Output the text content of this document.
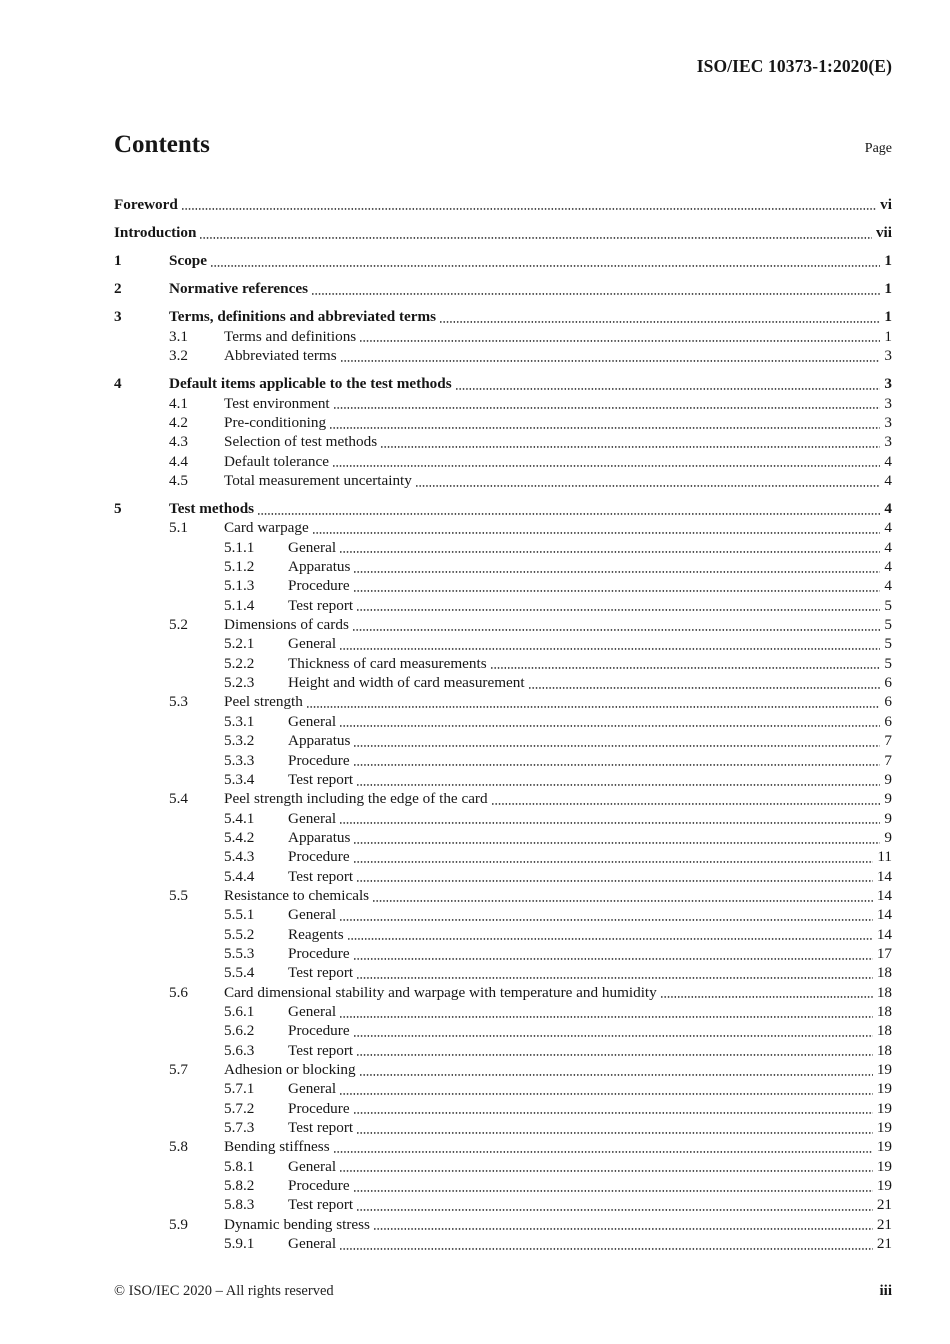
ISO/IEC 10373-1:2020(E)
Contents	Page
Foreword	vi
Introduction	vii
1	Scope	1
2	Normative references	1
3	Terms, definitions and abbreviated terms	1
3.1	Terms and definitions	1
3.2	Abbreviated terms	3
4	Default items applicable to the test methods	3
4.1	Test environment	3
4.2	Pre-conditioning	3
4.3	Selection of test methods	3
4.4	Default tolerance	4
4.5	Total measurement uncertainty	4
5	Test methods	4
5.1	Card warpage	4
5.1.1	General	4
5.1.2	Apparatus	4
5.1.3	Procedure	4
5.1.4	Test report	5
5.2	Dimensions of cards	5
5.2.1	General	5
5.2.2	Thickness of card measurements	5
5.2.3	Height and width of card measurement	6
5.3	Peel strength	6
5.3.1	General	6
5.3.2	Apparatus	7
5.3.3	Procedure	7
5.3.4	Test report	9
5.4	Peel strength including the edge of the card	9
5.4.1	General	9
5.4.2	Apparatus	9
5.4.3	Procedure	11
5.4.4	Test report	14
5.5	Resistance to chemicals	14
5.5.1	General	14
5.5.2	Reagents	14
5.5.3	Procedure	17
5.5.4	Test report	18
5.6	Card dimensional stability and warpage with temperature and humidity	18
5.6.1	General	18
5.6.2	Procedure	18
5.6.3	Test report	18
5.7	Adhesion or blocking	19
5.7.1	General	19
5.7.2	Procedure	19
5.7.3	Test report	19
5.8	Bending stiffness	19
5.8.1	General	19
5.8.2	Procedure	19
5.8.3	Test report	21
5.9	Dynamic bending stress	21
5.9.1	General	21
© ISO/IEC 2020 – All rights reserved	iii
